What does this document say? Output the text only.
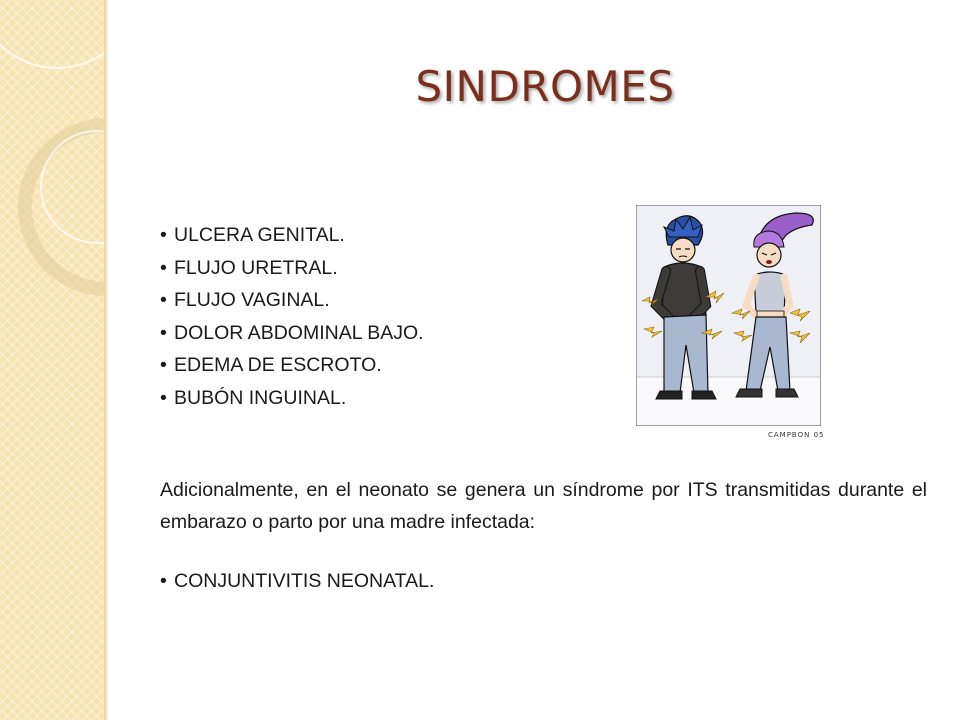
SINDROMES
• ULCERA GENITAL.
• FLUJO URETRAL.
• FLUJO VAGINAL.
• DOLOR ABDOMINAL BAJO.
• EDEMA DE ESCROTO.
• BUBÓN INGUINAL.
Adicionalmente, en el neonato se genera un síndrome por ITS transmitidas durante el embarazo o parto por una madre infectada:
• CONJUNTIVITIS NEONATAL.
CAMPBON 05
